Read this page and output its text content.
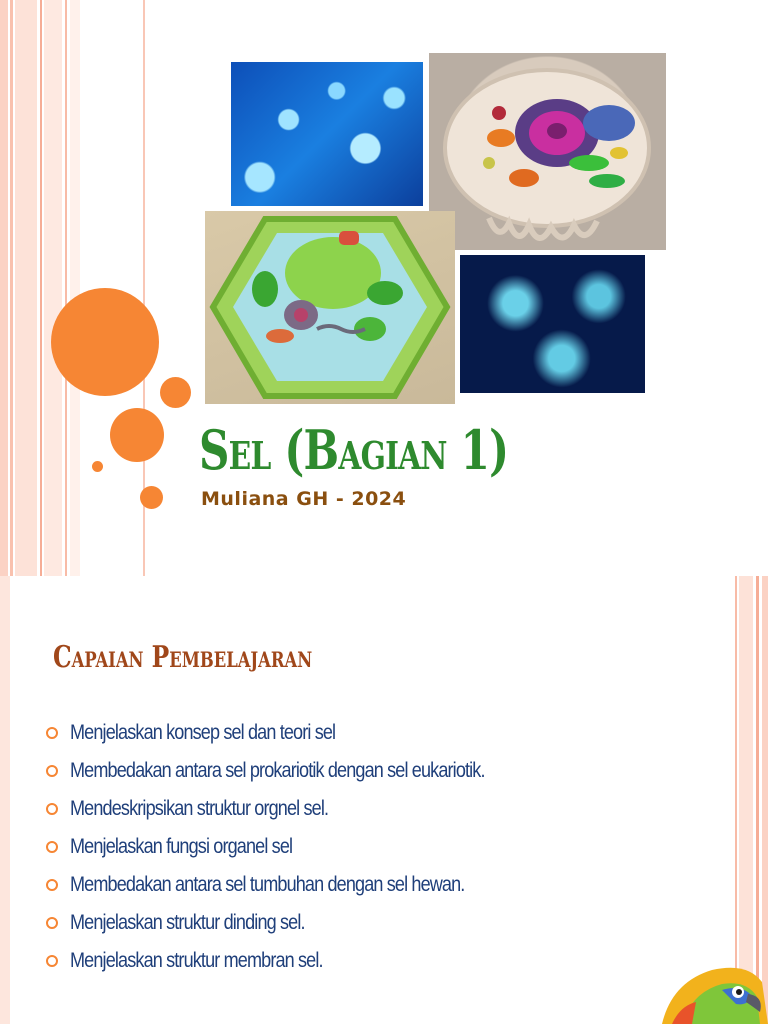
Sel (Bagian 1)
Muliana GH - 2024
Capaian Pembelajaran
Menjelaskan konsep sel dan teori sel
Membedakan antara sel prokariotik dengan sel eukariotik.
Mendeskripsikan struktur orgnel sel.
Menjelaskan fungsi organel sel
Membedakan antara sel tumbuhan dengan sel hewan.
Menjelaskan struktur dinding sel.
Menjelaskan struktur membran sel.
